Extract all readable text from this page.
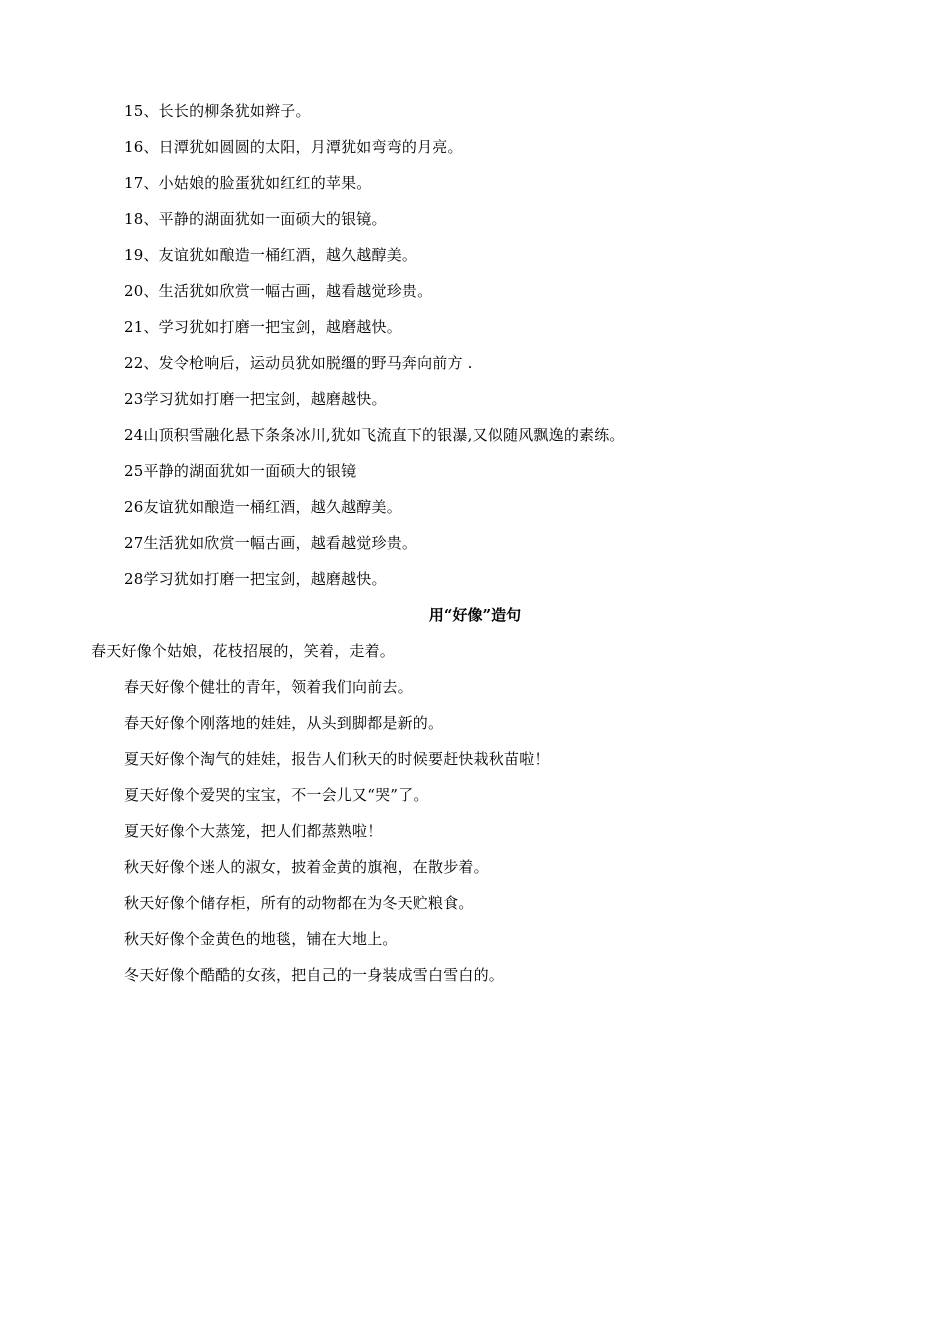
15、长长的柳条犹如辫子。
16、日潭犹如圆圆的太阳，月潭犹如弯弯的月亮。
17、小姑娘的脸蛋犹如红红的苹果。
18、平静的湖面犹如一面硕大的银镜。
19、友谊犹如酿造一桶红酒，越久越醇美。
20、生活犹如欣赏一幅古画，越看越觉珍贵。
21、学习犹如打磨一把宝剑，越磨越快。
22、发令枪响后，运动员犹如脱缰的野马奔向前方 .
23学习犹如打磨一把宝剑，越磨越快。
24山顶积雪融化悬下条条冰川,犹如飞流直下的银瀑,又似随风飘逸的素练。
25平静的湖面犹如一面硕大的银镜
26友谊犹如酿造一桶红酒，越久越醇美。
27生活犹如欣赏一幅古画，越看越觉珍贵。
28学习犹如打磨一把宝剑，越磨越快。
用“好像”造句
春天好像个姑娘，花枝招展的，笑着，走着。
春天好像个健壮的青年，领着我们向前去。
春天好像个刚落地的娃娃，从头到脚都是新的。
夏天好像个淘气的娃娃，报告人们秋天的时候要赶快栽秋苗啦！
夏天好像个爱哭的宝宝，不一会儿又“哭”了。
夏天好像个大蒸笼，把人们都蒸熟啦！
秋天好像个迷人的淑女，披着金黄的旗袍，在散步着。
秋天好像个储存柜，所有的动物都在为冬天贮粮食。
秋天好像个金黄色的地毯，铺在大地上。
冬天好像个酷酷的女孩，把自己的一身装成雪白雪白的。
